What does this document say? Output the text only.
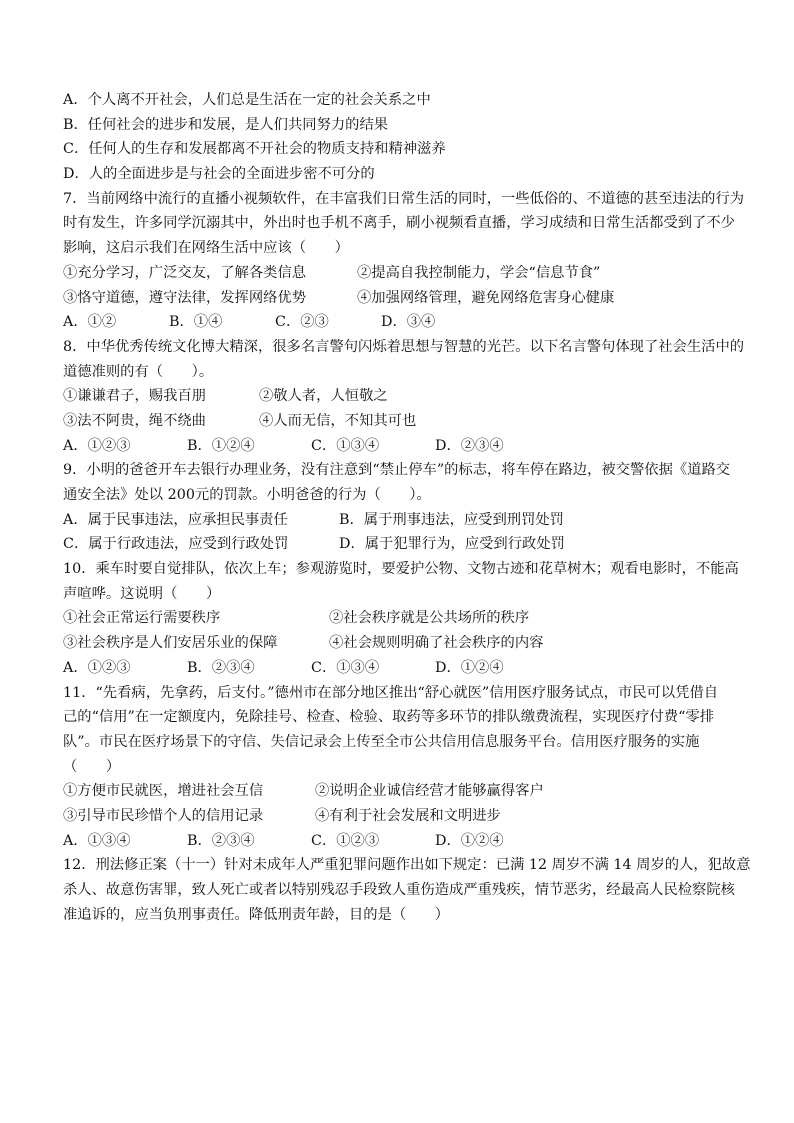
A．个人离不开社会，人们总是生活在一定的社会关系之中
B．任何社会的进步和发展，是人们共同努力的结果
C．任何人的生存和发展都离不开社会的物质支持和精神滋养
D．人的全面进步是与社会的全面进步密不可分的
7．当前网络中流行的直播小视频软件，在丰富我们日常生活的同时，一些低俗的、不道德的甚至违法的行为
时有发生，许多同学沉溺其中，外出时也手机不离手，刷小视频看直播，学习成绩和日常生活都受到了不少
影响，这启示我们在网络生活中应该（　　）
①充分学习，广泛交友，了解各类信息	②提高自我控制能力，学会“信息节食”
③恪守道德，遵守法律，发挥网络优势	④加强网络管理，避免网络危害身心健康
A．①②	B．①④	C．②③	D．③④
8．中华优秀传统文化博大精深，很多名言警句闪烁着思想与智慧的光芒。以下名言警句体现了社会生活中的
道德准则的有（　　）。
①谦谦君子，赐我百朋	②敬人者，人恒敬之
③法不阿贵，绳不绕曲	④人而无信，不知其可也
A．①②③	B．①②④	C．①③④	D．②③④
9．小明的爸爸开车去银行办理业务，没有注意到“禁止停车”的标志，将车停在路边，被交警依据《道路交
通安全法》处以 200元的罚款。小明爸爸的行为（　　）。
A．属于民事违法，应承担民事责任	B．属于刑事违法，应受到刑罚处罚
C．属于行政违法，应受到行政处罚	D．属于犯罪行为，应受到行政处罚
10．乘车时要自觉排队，依次上车；参观游览时，要爱护公物、文物古迹和花草树木；观看电影时，不能高
声喧哗。这说明（　　）
①社会正常运行需要秩序	②社会秩序就是公共场所的秩序
③社会秩序是人们安居乐业的保障	④社会规则明确了社会秩序的内容
A．①②③	B．②③④	C．①③④	D．①②④
11．“先看病，先拿药，后支付。”德州市在部分地区推出“舒心就医”信用医疗服务试点，市民可以凭借自
己的“信用”在一定额度内，免除挂号、检查、检验、取药等多环节的排队缴费流程，实现医疗付费“零排
队”。市民在医疗场景下的守信、失信记录会上传至全市公共信用信息服务平台。信用医疗服务的实施
（　　）
①方便市民就医，增进社会互信	②说明企业诚信经营才能够赢得客户
③引导市民珍惜个人的信用记录	④有利于社会发展和文明进步
A．①③④	B．②③④	C．①②③	D．①②④
12．刑法修正案（十一）针对未成年人严重犯罪问题作出如下规定：已满 12 周岁不满 14 周岁的人，犯故意
杀人、故意伤害罪，致人死亡或者以特别残忍手段致人重伤造成严重残疾，情节恶劣，经最高人民检察院核
准追诉的，应当负刑事责任。降低刑责年龄，目的是（　　）
